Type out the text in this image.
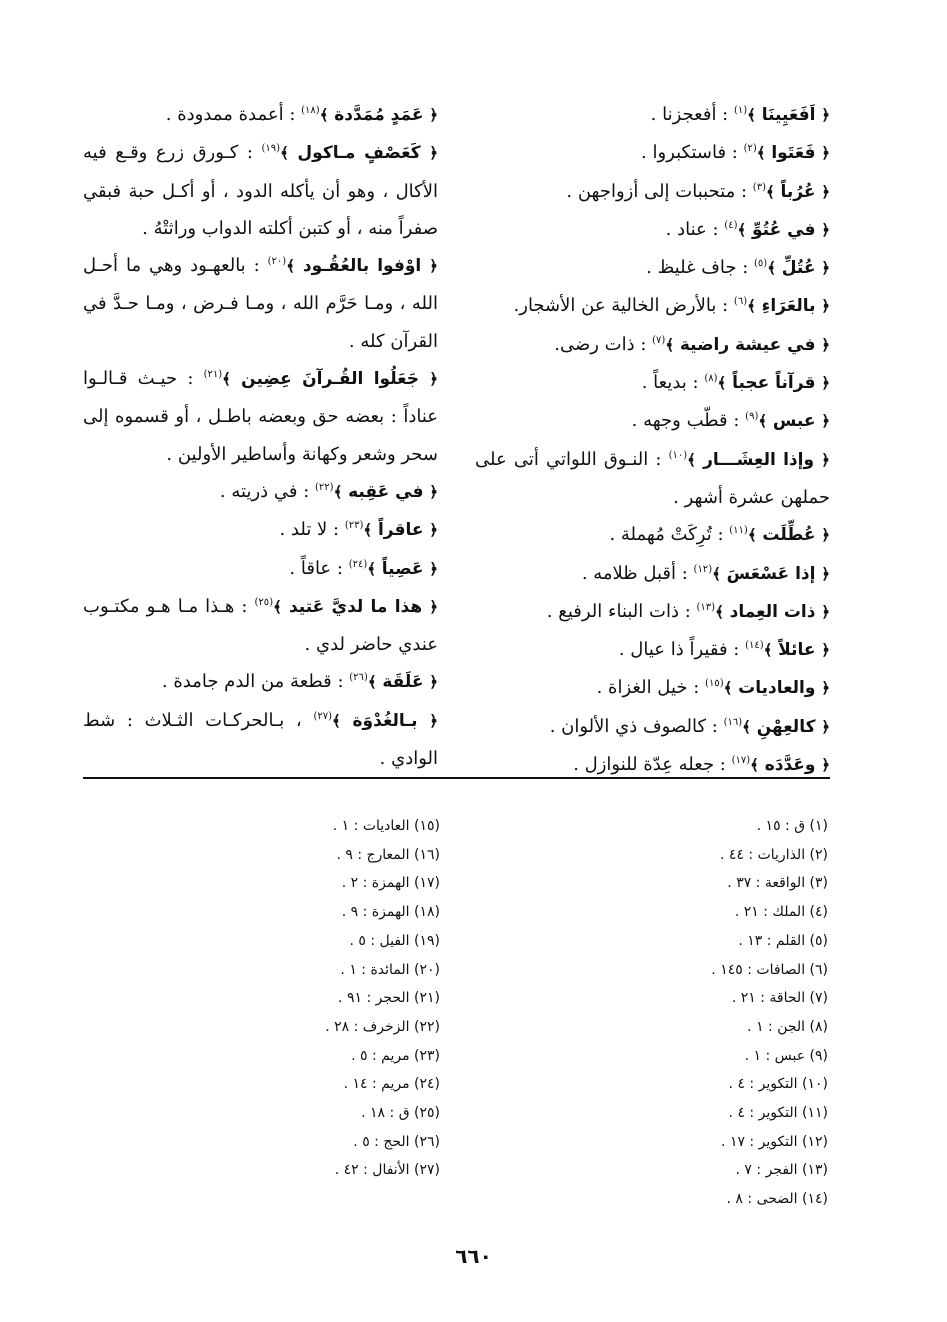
﴿ اَفَعَيِينَا ﴾$^{(١)}$ : أفعجزنا .
﴿ فَعَتَوا ﴾$^{(٢)}$ : فاستكبروا .
﴿ عُرُباً ﴾$^{(٣)}$ : متحببات إلى أزواجهن .
﴿ في عُتُوِّ ﴾$^{(٤)}$ : عناد .
﴿ عُتُلِّ ﴾$^{(٥)}$ : جاف غليظ .
﴿ بالعَرَاءِ ﴾$^{(٦)}$ : بالأرض الخالية عن الأشجار.
﴿ في عيشة راضية ﴾$^{(٧)}$ : ذات رضى.
﴿ قرآناً عجباً ﴾$^{(٨)}$ : بديعاً .
﴿ عبس ﴾$^{(٩)}$ : قطّب وجهه .
﴿ وإذا العِشَـــار ﴾$^{(١٠)}$ : النـوق اللواتي أتى على حملهن عشرة أشهر .
﴿ عُطِّلَت ﴾$^{(١١)}$ : تُرِكَتْ مُهملة .
﴿ إذا عَسْعَسَ ﴾$^{(١٢)}$ : أقبل ظلامه .
﴿ ذات العِماد ﴾$^{(١٣)}$ : ذات البناء الرفيع .
﴿ عائلاً ﴾$^{(١٤)}$ : فقيراً ذا عيال .
﴿ والعاديات ﴾$^{(١٥)}$ : خيل الغزاة .
﴿ كالعِهْنِ ﴾$^{(١٦)}$ : كالصوف ذي الألوان .
﴿ وعَدَّدَه ﴾$^{(١٧)}$ : جعله عِدّة للنوازل .
﴿ عَمَدٍ مُمَدَّدة ﴾$^{(١٨)}$ : أعمدة ممدودة .
﴿ كَعَصْفٍ مـاكول ﴾$^{(١٩)}$ : كـورق زرع وقـع فيه الأكال ، وهو أن يأكله الدود ، أو أكـل حبة فبقي صفراً منه ، أو كتبن أكلته الدواب وراثتْهُ .
﴿ اوْفوا بالعُقُـود ﴾$^{(٢٠)}$ : بالعهـود وهي ما أحـل الله ، ومـا حَرَّم الله ، ومـا فـرض ، ومـا حـدَّ في القرآن كله .
﴿ جَعَلُوا القُـرآنَ عِضِين ﴾$^{(٢١)}$ : حيـث قـالـوا عناداً : بعضه حق وبعضه باطـل ، أو قسموه إلى سحر وشعر وكهانة وأساطير الأولين .
﴿ في عَقِبه ﴾$^{(٢٢)}$ : في ذريته .
﴿ عاقراً ﴾$^{(٢٣)}$ : لا تلد .
﴿ عَصِياً ﴾$^{(٢٤)}$ : عاقاً .
﴿ هذا ما لديَّ عَتيد ﴾$^{(٢٥)}$ : هـذا مـا هـو مكتـوب عندي حاضر لدي .
﴿ عَلَقَة ﴾$^{(٢٦)}$ : قطعة من الدم جامدة .
﴿ بـالغُدْوَة ﴾$^{(٢٧)}$ ، بـالحركـات الثـلاث : شط الوادي .
(١) ق : ١٥ .
(٢) الذاريات : ٤٤ .
(٣) الواقعة : ٣٧ .
(٤) الملك : ٢١ .
(٥) القلم : ١٣ .
(٦) الصافات : ١٤٥ .
(٧) الحاقة : ٢١ .
(٨) الجن : ١ .
(٩) عبس : ١ .
(١٠) التكوير : ٤ .
(١١) التكوير : ٤ .
(١٢) التكوير : ١٧ .
(١٣) الفجر : ٧ .
(١٤) الضحى : ٨ .
(١٥) العاديات : ١ .
(١٦) المعارج : ٩ .
(١٧) الهمزة : ٢ .
(١٨) الهمزة : ٩ .
(١٩) الفيل : ٥ .
(٢٠) المائدة : ١ .
(٢١) الحجر : ٩١ .
(٢٢) الزخرف : ٢٨ .
(٢٣) مريم : ٥ .
(٢٤) مريم : ١٤ .
(٢٥) ق : ١٨ .
(٢٦) الحج : ٥ .
(٢٧) الأنفال : ٤٢ .
٦٦٠
